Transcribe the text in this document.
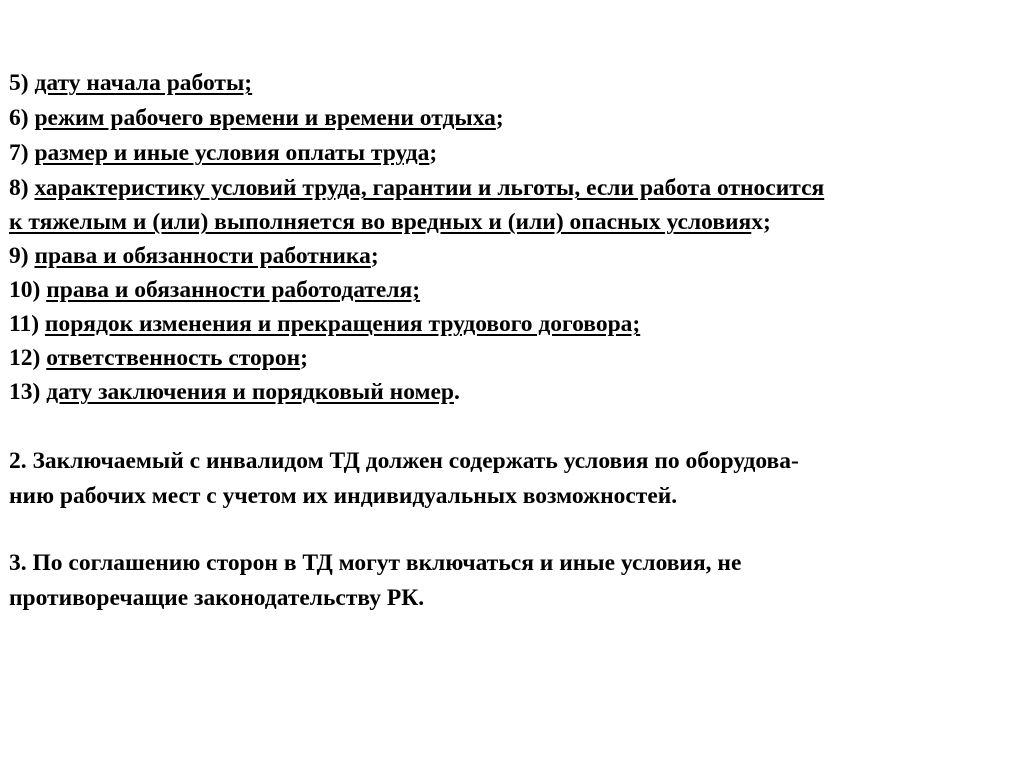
5) дату начала работы;
6) режим рабочего времени и времени отдыха;
7) размер и иные условия оплаты труда;
8) характеристику условий труда, гарантии и льготы, если работа относится
к тяжелым и (или) выполняется во вредных и (или) опасных условиях;
9) права и обязанности работника;
10) права и обязанности работодателя;
11) порядок изменения и прекращения трудового договора;
12) ответственность сторон;
13) дату заключения и порядковый номер.
2. Заключаемый с инвалидом ТД должен содержать условия по оборудова-
нию рабочих мест с учетом их индивидуальных возможностей.
3. По соглашению сторон в ТД могут включаться и иные условия, не
противоречащие законодательству РК.
